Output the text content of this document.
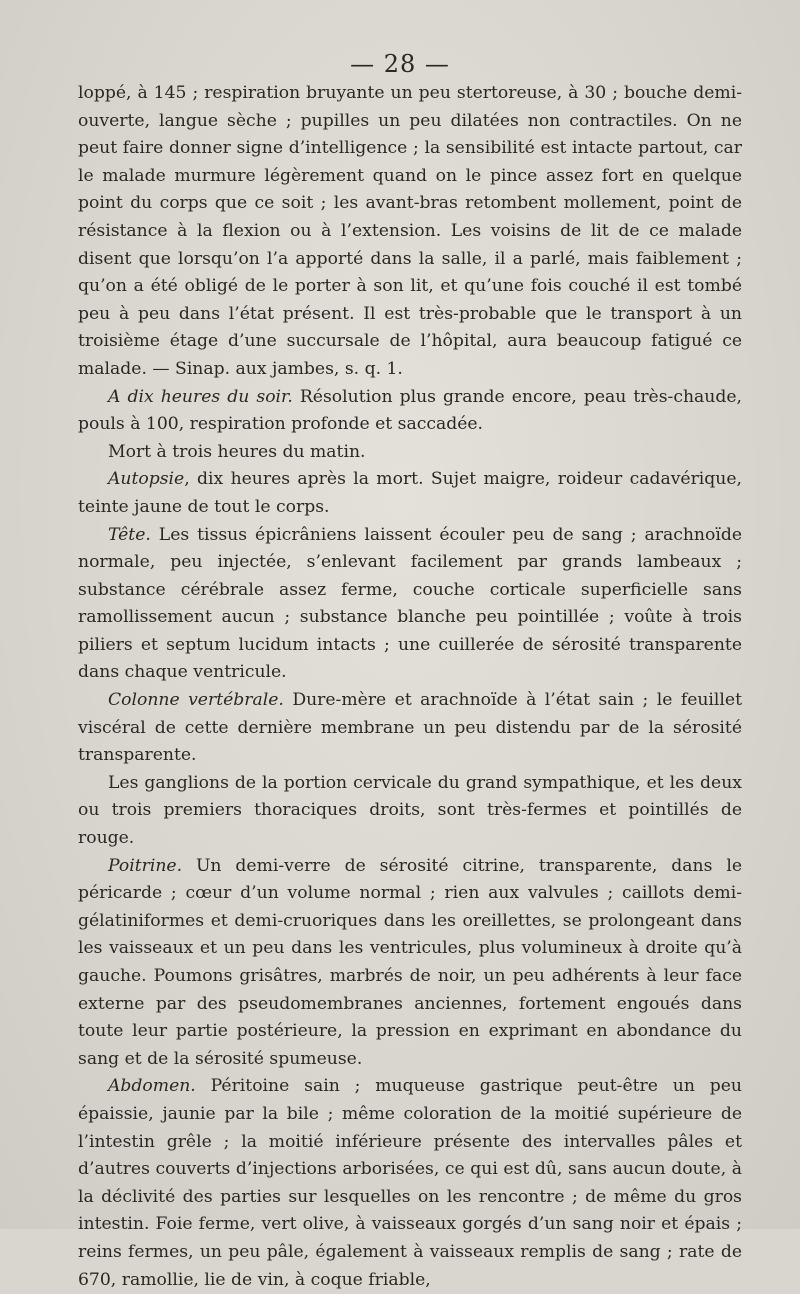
— 28 —

loppé, à 145 ; respiration bruyante un peu stertoreuse, à 30 ; bouche demi-ouverte, langue sèche ; pupilles un peu dilatées non contractiles. On ne peut faire donner signe d’intelligence ; la sensibilité est intacte partout, car le malade murmure légèrement quand on le pince assez fort en quelque point du corps que ce soit ; les avant-bras retombent mollement, point de résistance à la flexion ou à l’extension. Les voisins de lit de ce malade disent que lorsqu’on l’a apporté dans la salle, il a parlé, mais faiblement ; qu’on a été obligé de le porter à son lit, et qu’une fois couché il est tombé peu à peu dans l’état présent. Il est très-probable que le transport à un troisième étage d’une succursale de l’hôpital, aura beaucoup fatigué ce malade. — Sinap. aux jambes, s. q. 1.

A dix heures du soir. Résolution plus grande encore, peau très-chaude, pouls à 100, respiration profonde et saccadée.

Mort à trois heures du matin.

Autopsie, dix heures après la mort. Sujet maigre, roideur cadavérique, teinte jaune de tout le corps.

Tête. Les tissus épicrâniens laissent écouler peu de sang ; arachnoïde normale, peu injectée, s’enlevant facilement par grands lambeaux ; substance cérébrale assez ferme, couche corticale superficielle sans ramollissement aucun ; substance blanche peu pointillée ; voûte à trois piliers et septum lucidum intacts ; une cuillerée de sérosité transparente dans chaque ventricule.

Colonne vertébrale. Dure-mère et arachnoïde à l’état sain ; le feuillet viscéral de cette dernière membrane un peu distendu par de la sérosité transparente.

Les ganglions de la portion cervicale du grand sympathique, et les deux ou trois premiers thoraciques droits, sont très-fermes et pointillés de rouge.

Poitrine. Un demi-verre de sérosité citrine, transparente, dans le péricarde ; cœur d’un volume normal ; rien aux valvules ; caillots demi-gélatiniformes et demi-cruoriques dans les oreillettes, se prolongeant dans les vaisseaux et un peu dans les ventricules, plus volumineux à droite qu’à gauche. Poumons grisâtres, marbrés de noir, un peu adhérents à leur face externe par des pseudomembranes anciennes, fortement engoués dans toute leur partie postérieure, la pression en exprimant en abondance du sang et de la sérosité spumeuse.

Abdomen. Péritoine sain ; muqueuse gastrique peut-être un peu épaissie, jaunie par la bile ; même coloration de la moitié supérieure de l’intestin grêle ; la moitié inférieure présente des intervalles pâles et d’autres couverts d’injections arborisées, ce qui est dû, sans aucun doute, à la déclivité des parties sur lesquelles on les rencontre ; de même du gros intestin. Foie ferme, vert olive, à vaisseaux gorgés d’un sang noir et épais ; reins fermes, un peu pâle, également à vaisseaux remplis de sang ; rate de 670, ramollie, lie de vin, à coque friable,
